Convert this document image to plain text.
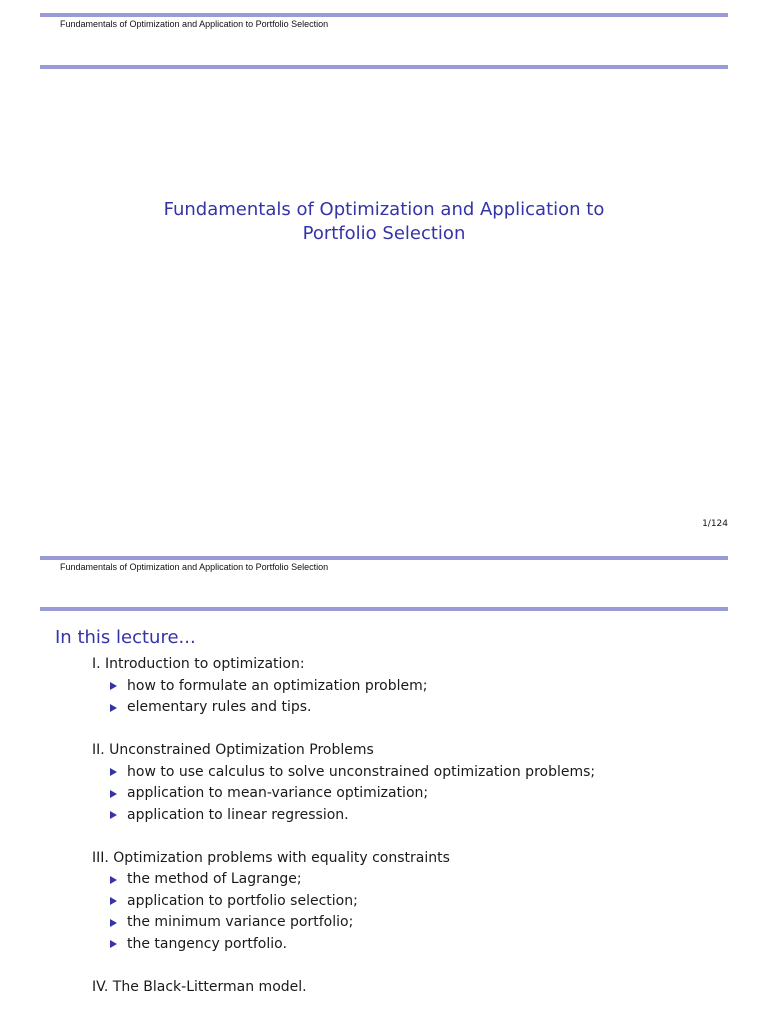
Fundamentals of Optimization and Application to Portfolio Selection
Fundamentals of Optimization and Application to
Portfolio Selection
1/124
Fundamentals of Optimization and Application to Portfolio Selection
In this lecture...
I. Introduction to optimization:
how to formulate an optimization problem;
elementary rules and tips.
II. Unconstrained Optimization Problems
how to use calculus to solve unconstrained optimization problems;
application to mean-variance optimization;
application to linear regression.
III. Optimization problems with equality constraints
the method of Lagrange;
application to portfolio selection;
the minimum variance portfolio;
the tangency portfolio.
IV. The Black-Litterman model.
